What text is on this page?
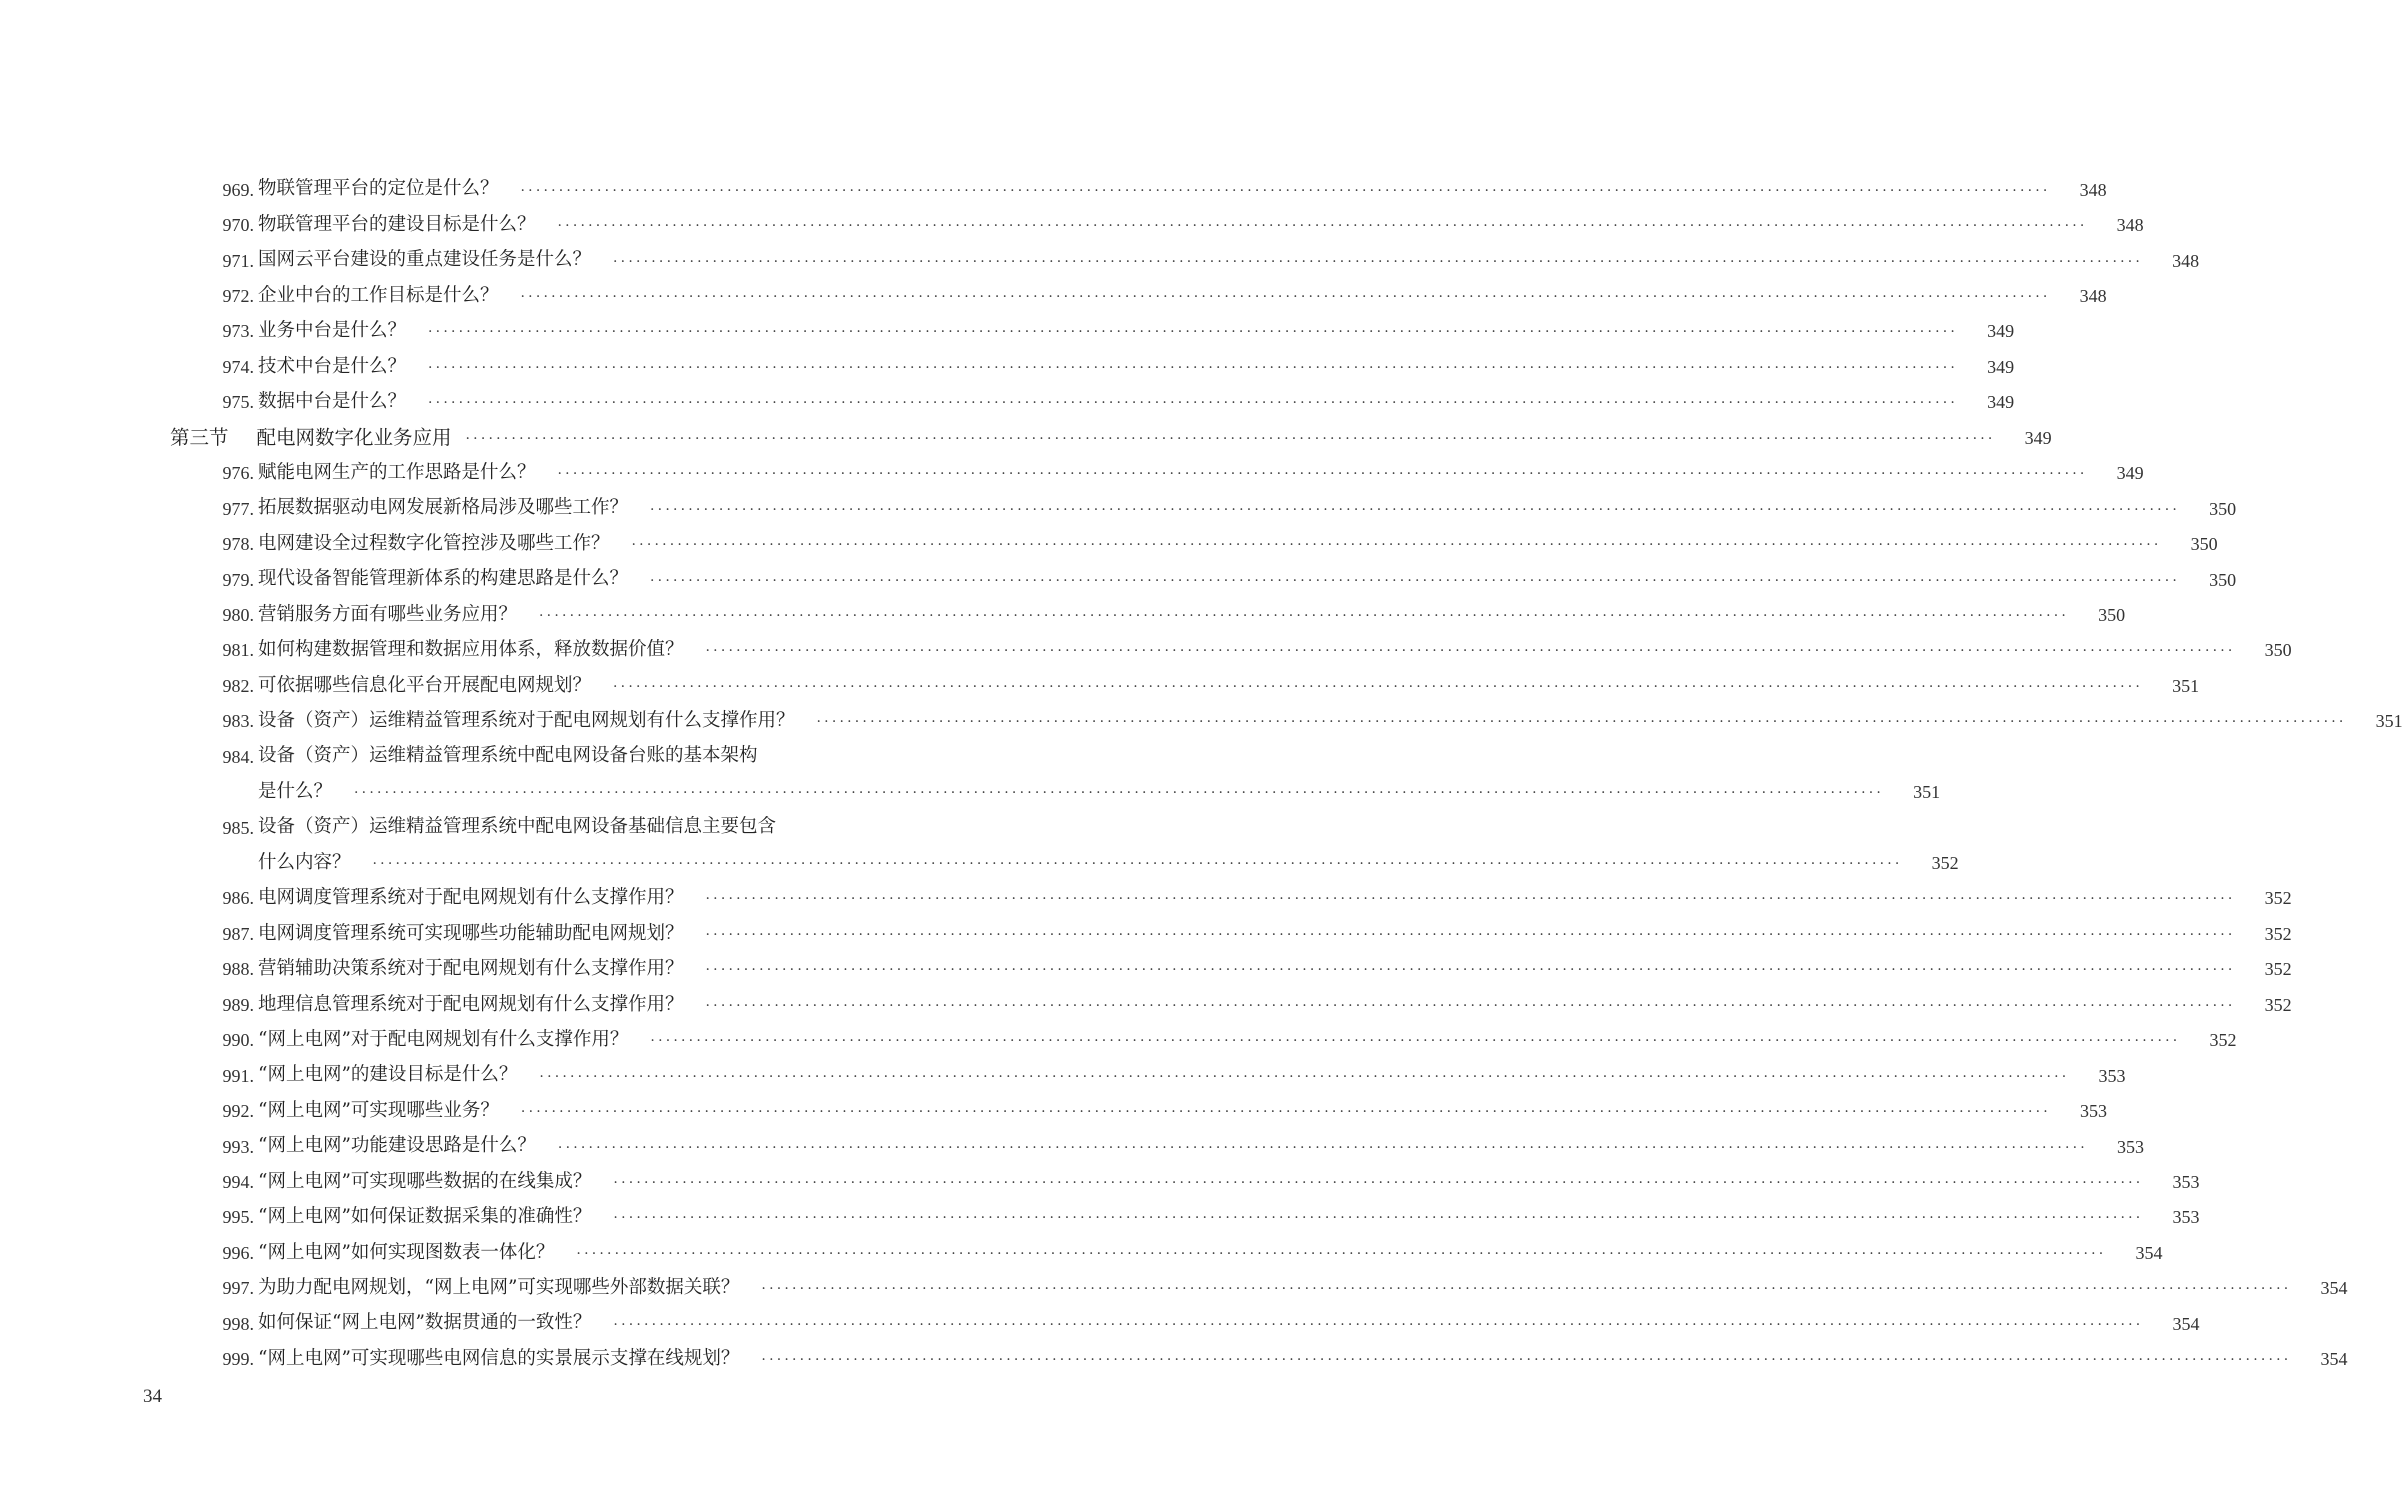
969. 物联管理平台的定位是什么？	········································································································································································································	348
970. 物联管理平台的建设目标是什么？	········································································································································································································	348
971. 国网云平台建设的重点建设任务是什么？	········································································································································································································	348
972. 企业中台的工作目标是什么？	········································································································································································································	348
973. 业务中台是什么？	········································································································································································································	349
974. 技术中台是什么？	········································································································································································································	349
975. 数据中台是什么？	········································································································································································································	349
第三节 配电网数字化业务应用	········································································································································································································	349
976. 赋能电网生产的工作思路是什么？	········································································································································································································	349
977. 拓展数据驱动电网发展新格局涉及哪些工作？	········································································································································································································	350
978. 电网建设全过程数字化管控涉及哪些工作？	········································································································································································································	350
979. 现代设备智能管理新体系的构建思路是什么？	········································································································································································································	350
980. 营销服务方面有哪些业务应用？	········································································································································································································	350
981. 如何构建数据管理和数据应用体系，释放数据价值？	········································································································································································································	350
982. 可依据哪些信息化平台开展配电网规划？	········································································································································································································	351
983. 设备（资产）运维精益管理系统对于配电网规划有什么支撑作用？	········································································································································································································	351
984. 设备（资产）运维精益管理系统中配电网设备台账的基本架构
是什么？	········································································································································································································	351
985. 设备（资产）运维精益管理系统中配电网设备基础信息主要包含
什么内容？	········································································································································································································	352
986. 电网调度管理系统对于配电网规划有什么支撑作用？	········································································································································································································	352
987. 电网调度管理系统可实现哪些功能辅助配电网规划？	········································································································································································································	352
988. 营销辅助决策系统对于配电网规划有什么支撑作用？	········································································································································································································	352
989. 地理信息管理系统对于配电网规划有什么支撑作用？	········································································································································································································	352
990. “网上电网”对于配电网规划有什么支撑作用？	········································································································································································································	352
991. “网上电网”的建设目标是什么？	········································································································································································································	353
992. “网上电网”可实现哪些业务？	········································································································································································································	353
993. “网上电网”功能建设思路是什么？	········································································································································································································	353
994. “网上电网”可实现哪些数据的在线集成？	········································································································································································································	353
995. “网上电网”如何保证数据采集的准确性？	········································································································································································································	353
996. “网上电网”如何实现图数表一体化？	········································································································································································································	354
997. 为助力配电网规划，“网上电网”可实现哪些外部数据关联？	········································································································································································································	354
998. 如何保证“网上电网”数据贯通的一致性？	········································································································································································································	354
999. “网上电网”可实现哪些电网信息的实景展示支撑在线规划？	········································································································································································································	354
34
